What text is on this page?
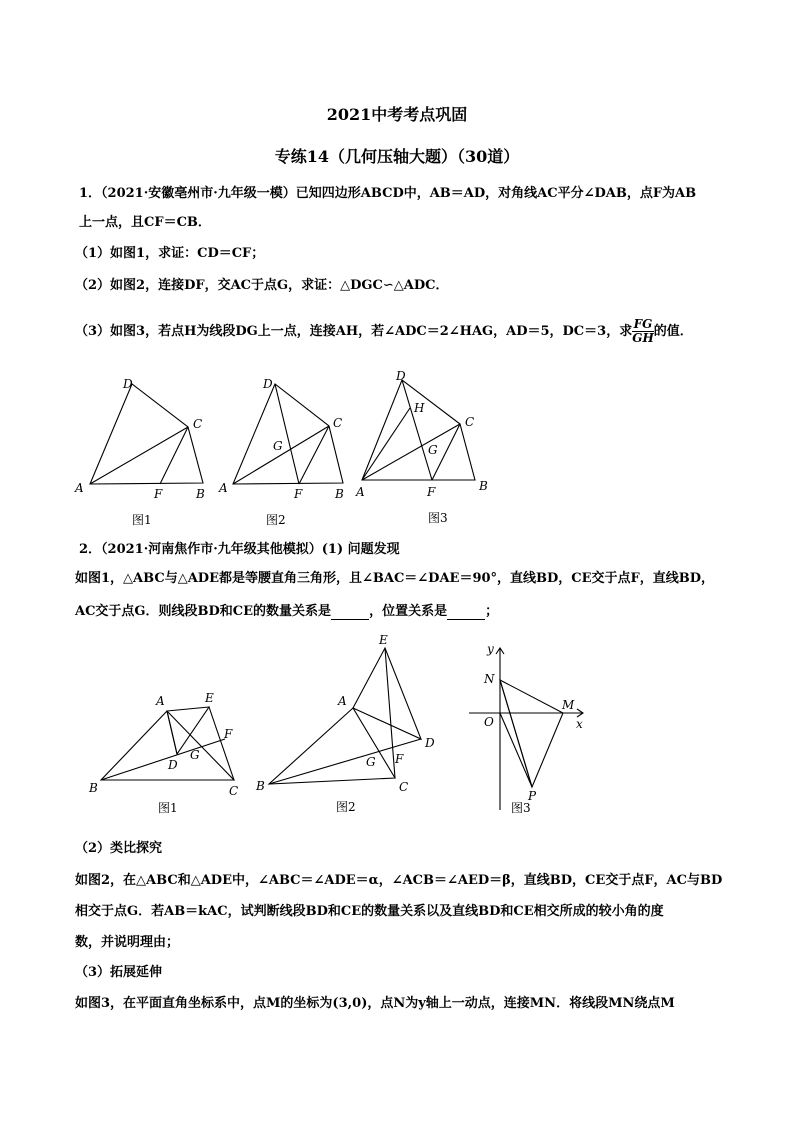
2021中考考点巩固
专练14（几何压轴大题）（30道）
1．（2021·安徽亳州市·九年级一模）已知四边形ABCD中，AB＝AD，对角线AC平分∠DAB，点F为AB
上一点，且CF＝CB．
（1）如图1，求证：CD＝CF；
（2）如图2，连接DF，交AC于点G，求证：△DGC∽△ADC．
（3）如图3，若点H为线段DG上一点，连接AH，若∠ADC＝2∠HAG，AD＝5，DC＝3，求 $\frac{FG}{GH}$ 的值．
D
C
A	F	B
图1
D
C
G
A	F	B
图2
D
H
C
G
A	F	B
图3
2．（2021·河南焦作市·九年级其他模拟）(1) 问题发现
如图1，△ABC与△ADE都是等腰直角三角形，且∠BAC＝∠DAE＝90°，直线BD，CE交于点F，直线BD，
AC交于点G．则线段BD和CE的数量关系是	，位置关系是	；
A	E
F
D
G
B	C
图1
E
A
D
G F
B	C
图2
y
N
M
O	x
P
图3
（2）类比探究
如图2，在△ABC和△ADE中，∠ABC＝∠ADE＝α，∠ACB＝∠AED＝β，直线BD，CE交于点F，AC与BD
相交于点G．若AB＝kAC，试判断线段BD和CE的数量关系以及直线BD和CE相交所成的较小角的度
数，并说明理由；
（3）拓展延伸
如图3，在平面直角坐标系中，点M的坐标为(3,0)，点N为y轴上一动点，连接MN．将线段MN绕点M
